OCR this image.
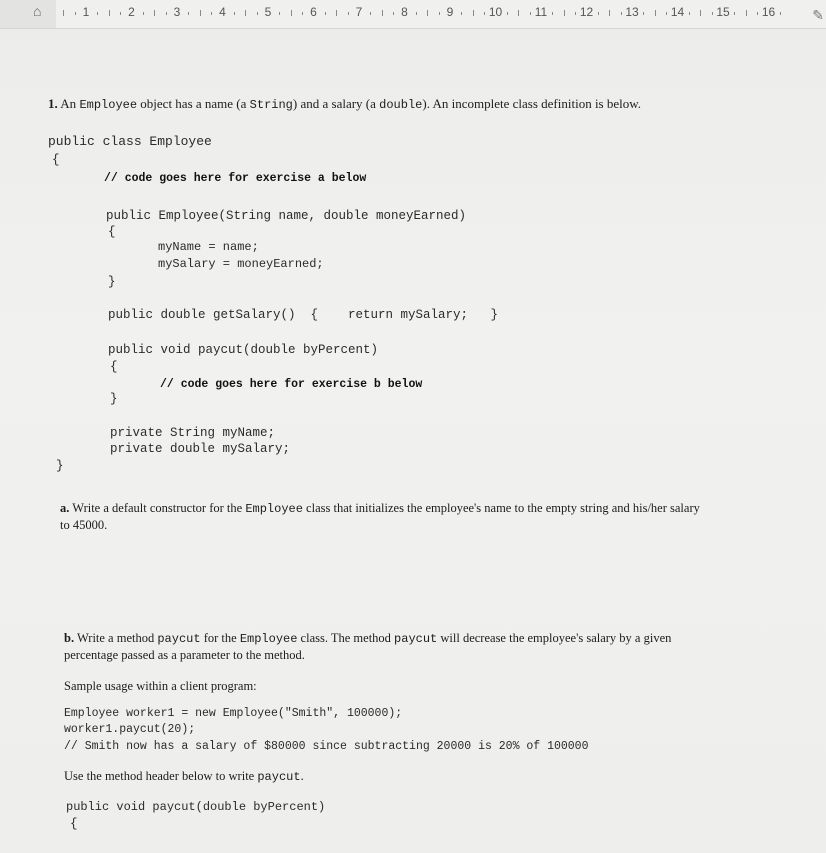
⌂	1	2	3	4	5	6	7	8	9	10	11	12	13	14	15	16	✎
1. An Employee object has a name (a String) and a salary (a double). An incomplete class definition is below.
public class Employee
{
// code goes here for exercise a below
public Employee(String name, double moneyEarned)
{
myName = name;
mySalary = moneyEarned;
}
public double getSalary()  {    return mySalary;   }
public void paycut(double byPercent)
{
// code goes here for exercise b below
}
private String myName;
private double mySalary;
}
a. Write a default constructor for the Employee class that initializes the employee's name to the empty string and his/her salary
to 45000.
b. Write a method paycut for the Employee class. The method paycut will decrease the employee's salary by a given
percentage passed as a parameter to the method.
Sample usage within a client program:
Employee worker1 = new Employee("Smith", 100000);
worker1.paycut(20);
// Smith now has a salary of $80000 since subtracting 20000 is 20% of 100000
Use the method header below to write paycut.
public void paycut(double byPercent)
{
